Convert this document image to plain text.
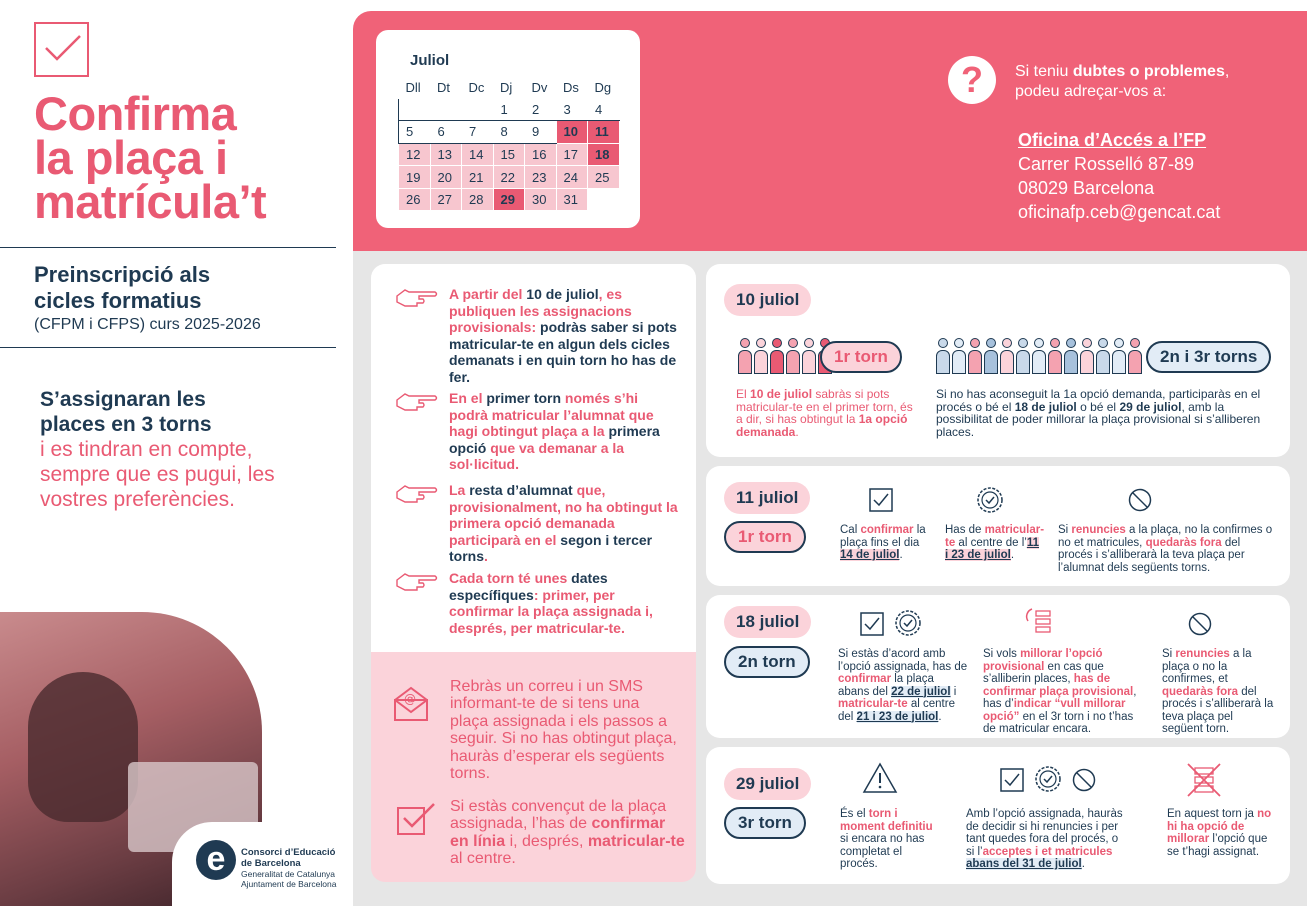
Confirma
la plaça i
matrícula’t
Preinscripció als
cicles formatius
(CFPM i CFPS) curs 2025-2026
S’assignaran les
places en 3 torns
i es tindran en compte, sempre que es pugui, les vostres preferències.
e	Consorci d’Educació
de Barcelona
Generalitat de Catalunya
Ajuntament de Barcelona
Juliol
Dll	Dt	Dc	Dj	Dv	Ds	Dg
			1	2	3	4
5	6	7	8	9	10	11
12	13	14	15	16	17	18
19	20	21	22	23	24	25
26	27	28	29	30	31	
?	Si teniu dubtes o problemes,
podeu adreçar-vos a:
Oficina d’Accés a l’FP
Carrer Rosselló 87-89
08029 Barcelona
oficinafp.ceb@gencat.cat

A partir del 10 de juliol, es publiquen les assignacions provisionals: podràs saber si pots matricular-te en algun dels cicles demanats i en quin torn ho has de fer.

En el primer torn només s’hi podrà matricular l’alumnat que hagi obtingut plaça a la primera opció que va demanar a la sol·licitud.

La resta d’alumnat que, provisionalment, no ha obtingut la primera opció demanada participarà en el segon i tercer torns.

Cada torn té unes dates específiques: primer, per confirmar la plaça assignada i, després, per matricular-te.

@
Rebràs un correu i un SMS informant-te de si tens una plaça assignada i els passos a seguir. Si no has obtingut plaça, hauràs d’esperar els següents torns.
Si estàs convençut de la plaça assignada, l’has de confirmar en línia i, després, matricular-te al centre.
10 juliol
1r torn	2n i 3r torns
El 10 de juliol sabràs si pots matricular-te en el primer torn, és a dir, si has obtingut la 1a opció demanada.
Si no has aconseguit la 1a opció demanda, participaràs en el procés o bé el 18 de juliol o bé el 29 de juliol, amb la possibilitat de poder millorar la plaça provisional si s’alliberen places.
11 juliol
1r torn	Cal confirmar la plaça fins el dia 14 de juliol.
Has de matricular-te al centre de l’11 i 23 de juliol.
Si renuncies a la plaça, no la confirmes o no et matricules, quedaràs fora del procés i s’alliberarà la teva plaça per l’alumnat dels següents torns.
18 juliol
2n torn	Si estàs d’acord amb l’opció assignada, has de confirmar la plaça abans del 22 de juliol i matricular-te al centre del 21 i 23 de juliol.
Si vols millorar l’opció provisional en cas que s’alliberin places, has de confirmar plaça provisional, has d’indicar “vull millorar opció” en el 3r torn i no t’has de matricular encara.
Si renuncies a la plaça o no la confirmes, et quedaràs fora del procés i s’alliberarà la teva plaça pel següent torn.
29 juliol
3r torn	És el torn i moment definitiu si encara no has completat el procés.
Amb l’opció assignada, hauràs de decidir si hi renuncies i per tant quedes fora del procés, o si l’acceptes i et matricules abans del 31 de juliol.
En aquest torn ja no hi ha opció de millorar l’opció que se t’hagi assignat.
